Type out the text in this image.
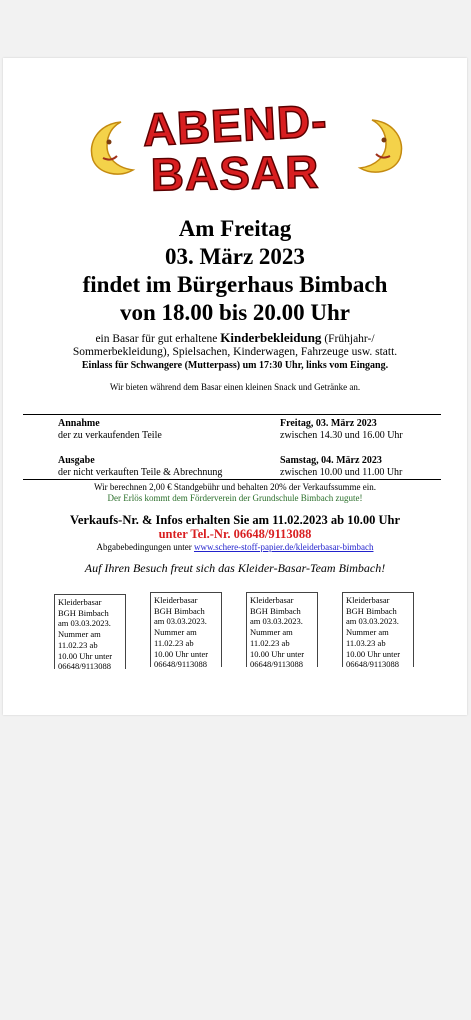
ABEND-
BASAR
Am Freitag
03. März 2023
findet im Bürgerhaus Bimbach
von 18.00 bis 20.00 Uhr
ein Basar für gut erhaltene Kinderbekleidung (Frühjahr-/
Sommerbekleidung), Spielsachen, Kinderwagen, Fahrzeuge usw. statt.
Einlass für Schwangere (Mutterpass) um 17:30 Uhr, links vom Eingang.
Wir bieten während dem Basar einen kleinen Snack und Getränke an.
Annahme
der zu verkaufenden Teile
Freitag, 03. März 2023
zwischen 14.30 und 16.00 Uhr
Ausgabe
der nicht verkauften Teile & Abrechnung
Samstag, 04. März 2023
zwischen 10.00 und 11.00 Uhr
Wir berechnen 2,00 € Standgebühr und behalten 20% der Verkaufssumme ein.
Der Erlös kommt dem Förderverein der Grundschule Bimbach zugute!
Verkaufs-Nr. & Infos erhalten Sie am 11.02.2023 ab 10.00 Uhr
unter Tel.-Nr. 06648/9113088
Abgabebedingungen unter www.schere-stoff-papier.de/kleiderbasar-bimbach
Auf Ihren Besuch freut sich das Kleider-Basar-Team Bimbach!
Kleiderbasar
BGH Bimbach
am 03.03.2023.
Nummer am
11.02.23 ab
10.00 Uhr unter
06648/9113088
Kleiderbasar
BGH Bimbach
am 03.03.2023.
Nummer am
11.02.23 ab
10.00 Uhr unter
06648/9113088
Kleiderbasar
BGH Bimbach
am 03.03.2023.
Nummer am
11.02.23 ab
10.00 Uhr unter
06648/9113088
Kleiderbasar
BGH Bimbach
am 03.03.2023.
Nummer am
11.03.23 ab
10.00 Uhr unter
06648/9113088
